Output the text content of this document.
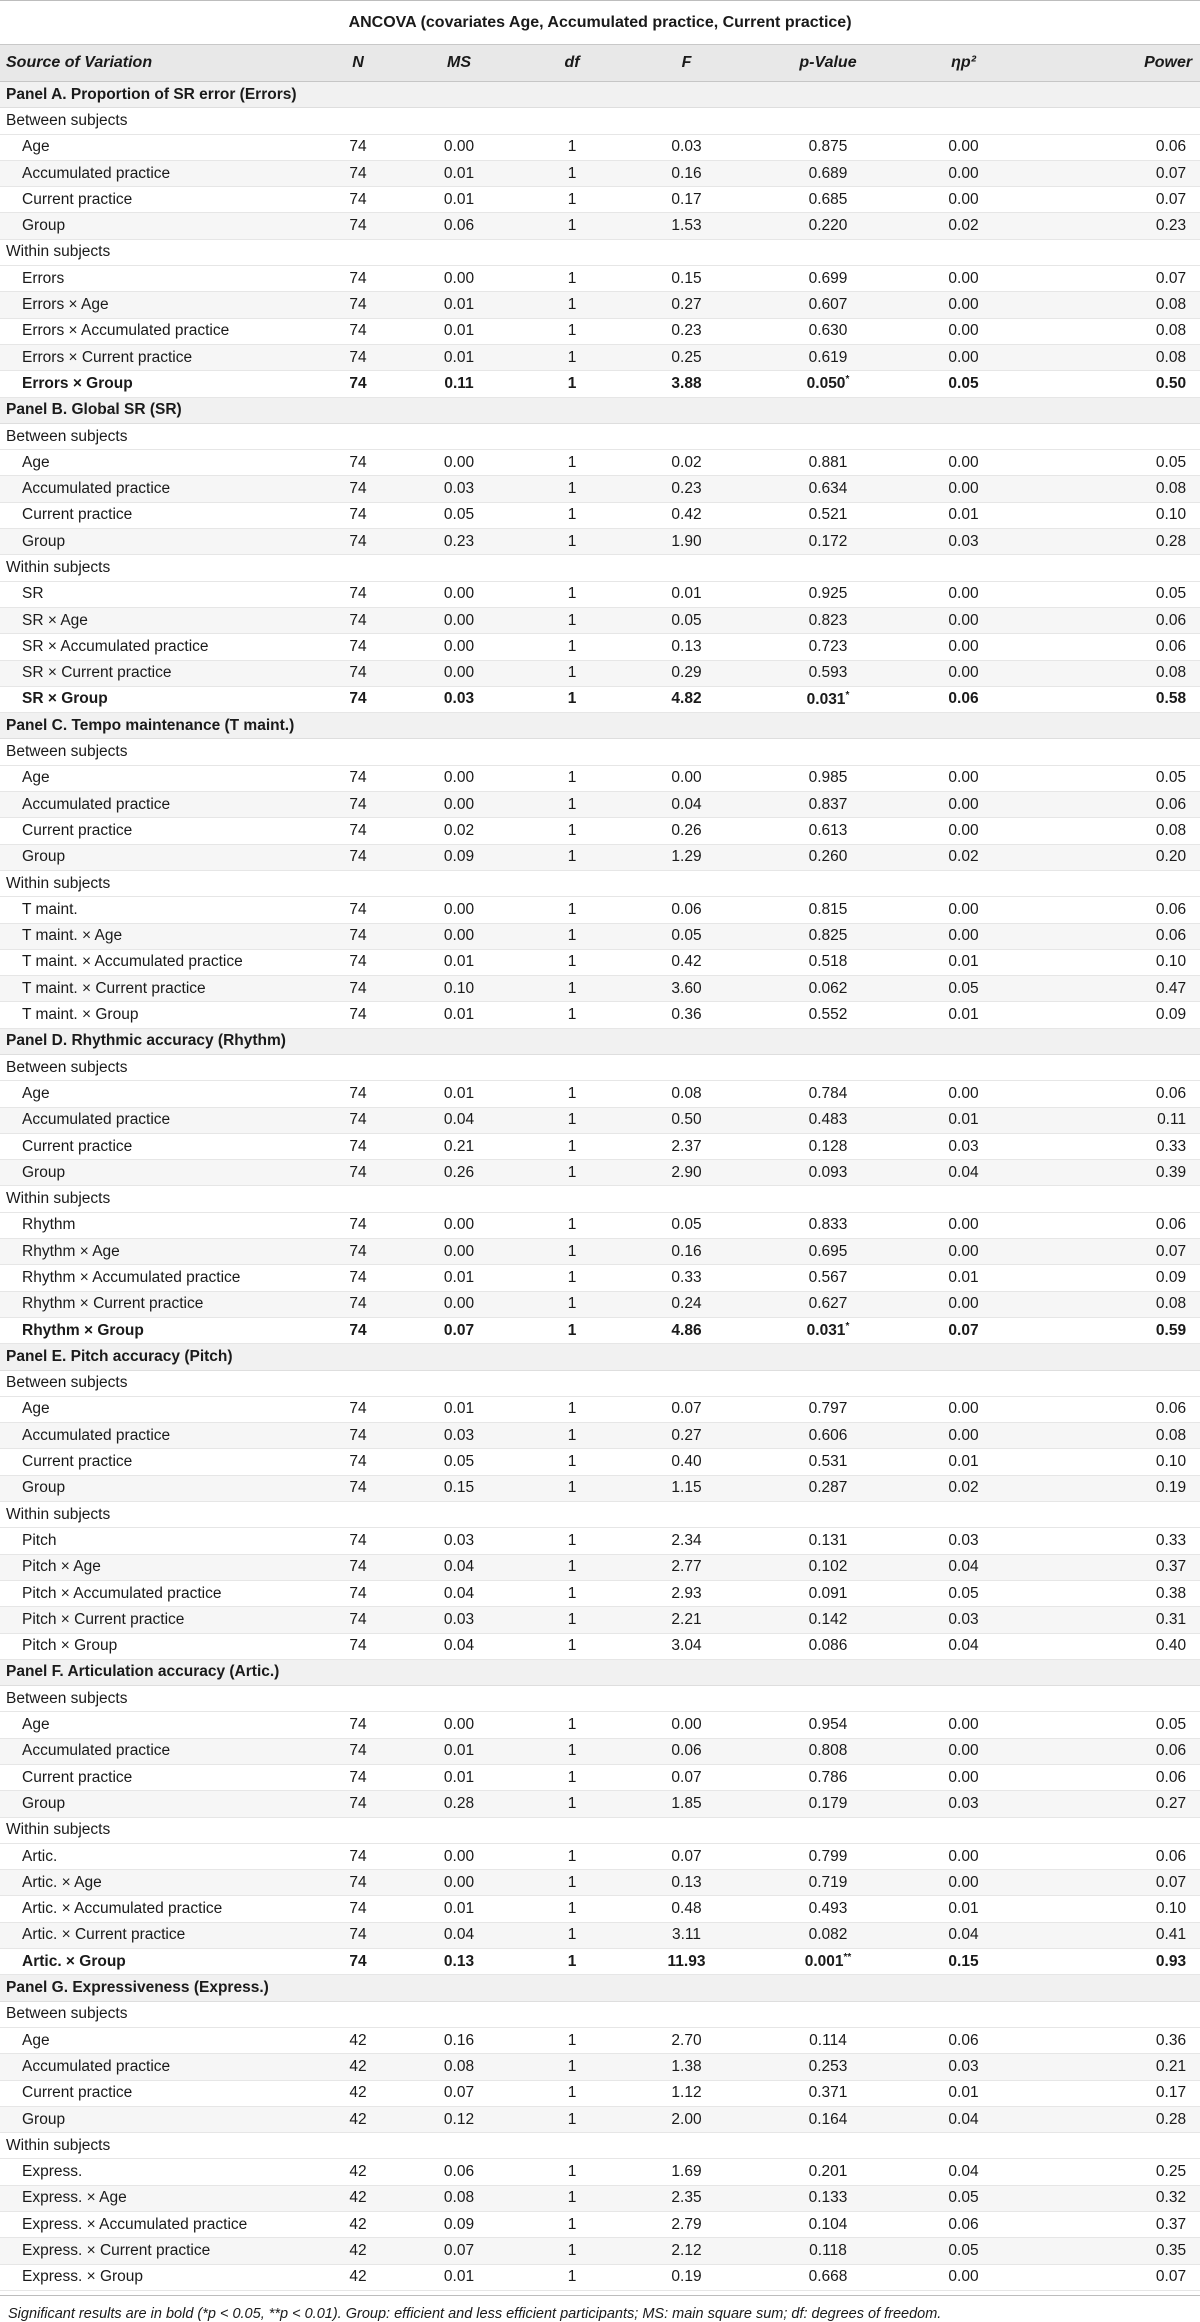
ANCOVA (covariates Age, Accumulated practice, Current practice)							
Source of Variation	N	MS	df	F	p-Value	ηp²	Power
Panel A. Proportion of SR error (Errors)							
Between subjects							
Age	74	0.00	1	0.03	0.875	0.00	0.06
Accumulated practice	74	0.01	1	0.16	0.689	0.00	0.07
Current practice	74	0.01	1	0.17	0.685	0.00	0.07
Group	74	0.06	1	1.53	0.220	0.02	0.23
Within subjects							
Errors	74	0.00	1	0.15	0.699	0.00	0.07
Errors × Age	74	0.01	1	0.27	0.607	0.00	0.08
Errors × Accumulated practice	74	0.01	1	0.23	0.630	0.00	0.08
Errors × Current practice	74	0.01	1	0.25	0.619	0.00	0.08
Errors × Group	74	0.11	1	3.88	0.050*	0.05	0.50
Panel B. Global SR (SR)							
Between subjects							
Age	74	0.00	1	0.02	0.881	0.00	0.05
Accumulated practice	74	0.03	1	0.23	0.634	0.00	0.08
Current practice	74	0.05	1	0.42	0.521	0.01	0.10
Group	74	0.23	1	1.90	0.172	0.03	0.28
Within subjects							
SR	74	0.00	1	0.01	0.925	0.00	0.05
SR × Age	74	0.00	1	0.05	0.823	0.00	0.06
SR × Accumulated practice	74	0.00	1	0.13	0.723	0.00	0.06
SR × Current practice	74	0.00	1	0.29	0.593	0.00	0.08
SR × Group	74	0.03	1	4.82	0.031*	0.06	0.58
Panel C. Tempo maintenance (T maint.)							
Between subjects							
Age	74	0.00	1	0.00	0.985	0.00	0.05
Accumulated practice	74	0.00	1	0.04	0.837	0.00	0.06
Current practice	74	0.02	1	0.26	0.613	0.00	0.08
Group	74	0.09	1	1.29	0.260	0.02	0.20
Within subjects							
T maint.	74	0.00	1	0.06	0.815	0.00	0.06
T maint. × Age	74	0.00	1	0.05	0.825	0.00	0.06
T maint. × Accumulated practice	74	0.01	1	0.42	0.518	0.01	0.10
T maint. × Current practice	74	0.10	1	3.60	0.062	0.05	0.47
T maint. × Group	74	0.01	1	0.36	0.552	0.01	0.09
Panel D. Rhythmic accuracy (Rhythm)							
Between subjects							
Age	74	0.01	1	0.08	0.784	0.00	0.06
Accumulated practice	74	0.04	1	0.50	0.483	0.01	0.11
Current practice	74	0.21	1	2.37	0.128	0.03	0.33
Group	74	0.26	1	2.90	0.093	0.04	0.39
Within subjects							
Rhythm	74	0.00	1	0.05	0.833	0.00	0.06
Rhythm × Age	74	0.00	1	0.16	0.695	0.00	0.07
Rhythm × Accumulated practice	74	0.01	1	0.33	0.567	0.01	0.09
Rhythm × Current practice	74	0.00	1	0.24	0.627	0.00	0.08
Rhythm × Group	74	0.07	1	4.86	0.031*	0.07	0.59
Panel E. Pitch accuracy (Pitch)							
Between subjects							
Age	74	0.01	1	0.07	0.797	0.00	0.06
Accumulated practice	74	0.03	1	0.27	0.606	0.00	0.08
Current practice	74	0.05	1	0.40	0.531	0.01	0.10
Group	74	0.15	1	1.15	0.287	0.02	0.19
Within subjects							
Pitch	74	0.03	1	2.34	0.131	0.03	0.33
Pitch × Age	74	0.04	1	2.77	0.102	0.04	0.37
Pitch × Accumulated practice	74	0.04	1	2.93	0.091	0.05	0.38
Pitch × Current practice	74	0.03	1	2.21	0.142	0.03	0.31
Pitch × Group	74	0.04	1	3.04	0.086	0.04	0.40
Panel F. Articulation accuracy (Artic.)							
Between subjects							
Age	74	0.00	1	0.00	0.954	0.00	0.05
Accumulated practice	74	0.01	1	0.06	0.808	0.00	0.06
Current practice	74	0.01	1	0.07	0.786	0.00	0.06
Group	74	0.28	1	1.85	0.179	0.03	0.27
Within subjects							
Artic.	74	0.00	1	0.07	0.799	0.00	0.06
Artic. × Age	74	0.00	1	0.13	0.719	0.00	0.07
Artic. × Accumulated practice	74	0.01	1	0.48	0.493	0.01	0.10
Artic. × Current practice	74	0.04	1	3.11	0.082	0.04	0.41
Artic. × Group	74	0.13	1	11.93	0.001**	0.15	0.93
Panel G. Expressiveness (Express.)							
Between subjects							
Age	42	0.16	1	2.70	0.114	0.06	0.36
Accumulated practice	42	0.08	1	1.38	0.253	0.03	0.21
Current practice	42	0.07	1	1.12	0.371	0.01	0.17
Group	42	0.12	1	2.00	0.164	0.04	0.28
Within subjects							
Express.	42	0.06	1	1.69	0.201	0.04	0.25
Express. × Age	42	0.08	1	2.35	0.133	0.05	0.32
Express. × Accumulated practice	42	0.09	1	2.79	0.104	0.06	0.37
Express. × Current practice	42	0.07	1	2.12	0.118	0.05	0.35
Express. × Group	42	0.01	1	0.19	0.668	0.00	0.07
Significant results are in bold (*p < 0.05, **p < 0.01). Group: efficient and less efficient participants; MS: main square sum; df: degrees of freedom.
